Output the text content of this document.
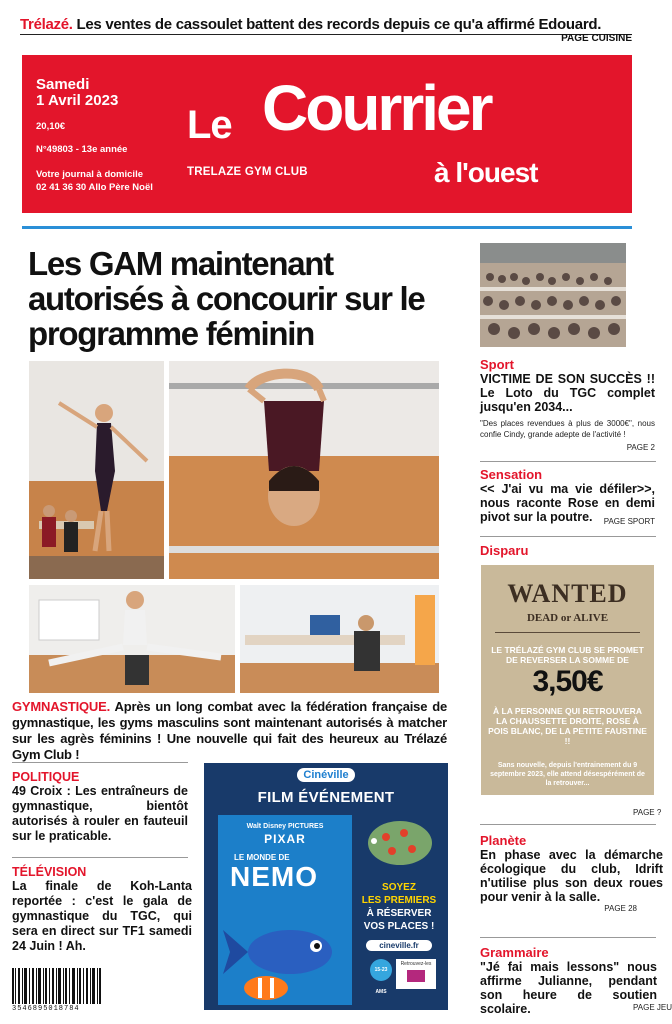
Trélazé. Les ventes de cassoulet battent des records depuis ce qu'a affirmé Edouard.
PAGE CUISINE
Samedi
1 Avril 2023
20,10€
N°49803 - 13e année
Votre journal à domicile
02 41 36 30 Allo Père Noël
Le Courrier
à l'ouest
TRELAZE GYM CLUB
Les GAM maintenant autorisés à concourir sur le programme féminin

GYMNASTIQUE. Après un long combat avec la fédération française de gymnastique, les gyms masculins sont maintenant autorisés à matcher sur les agrès féminins ! Une nouvelle qui fait des heureux au Trélazé Gym Club !

POLITIQUE
49 Croix : Les entraîneurs de gymnastique, bientôt autorisés à rouler en fauteuil sur le praticable.
TÉLÉVISION
La finale de Koh-Lanta reportée : c'est le gala de gymnastique du TGC, qui sera en direct sur TF1 samedi 24 Juin ! Ah.
3546895018784
Cinéville
FILM ÉVÉNEMENT
Walt Disney PICTURES
PIXAR
LE MONDE DE
NEMO	SOYEZ
LES PREMIERS
À RÉSERVER
VOS PLACES !
cineville.fr
15-23 AMS
Retrouvez-les
Sport
VICTIME DE SON SUCCÈS !! Le Loto du TGC complet jusqu'en 2034...
"Des places revendues à plus de 3000€", nous confie Cindy, grande adepte de l'activité !
PAGE 2
Sensation
<< J'ai vu ma vie défiler>>, nous raconte Rose en demi pivot sur la poutre.	PAGE SPORT
Disparu
WANTED
DEAD or ALIVE
LE TRÉLAZÉ GYM CLUB SE PROMET DE REVERSER LA SOMME DE
3,50€
À LA PERSONNE QUI RETROUVERA LA CHAUSSETTE DROITE, ROSE À POIS BLANC, DE LA PETITE FAUSTINE !!
Sans nouvelle, depuis l'entrainement du 9 septembre 2023, elle attend désespérément de la retrouver...
PAGE ?
Planète
En phase avec la démarche écologique du club, Idrift n'utilise plus son deux roues pour venir à la salle.
PAGE 28
Grammaire
"Jé fai mais lessons" nous affirme Julianne, pendant son heure de soutien scolaire.	PAGE JEU
